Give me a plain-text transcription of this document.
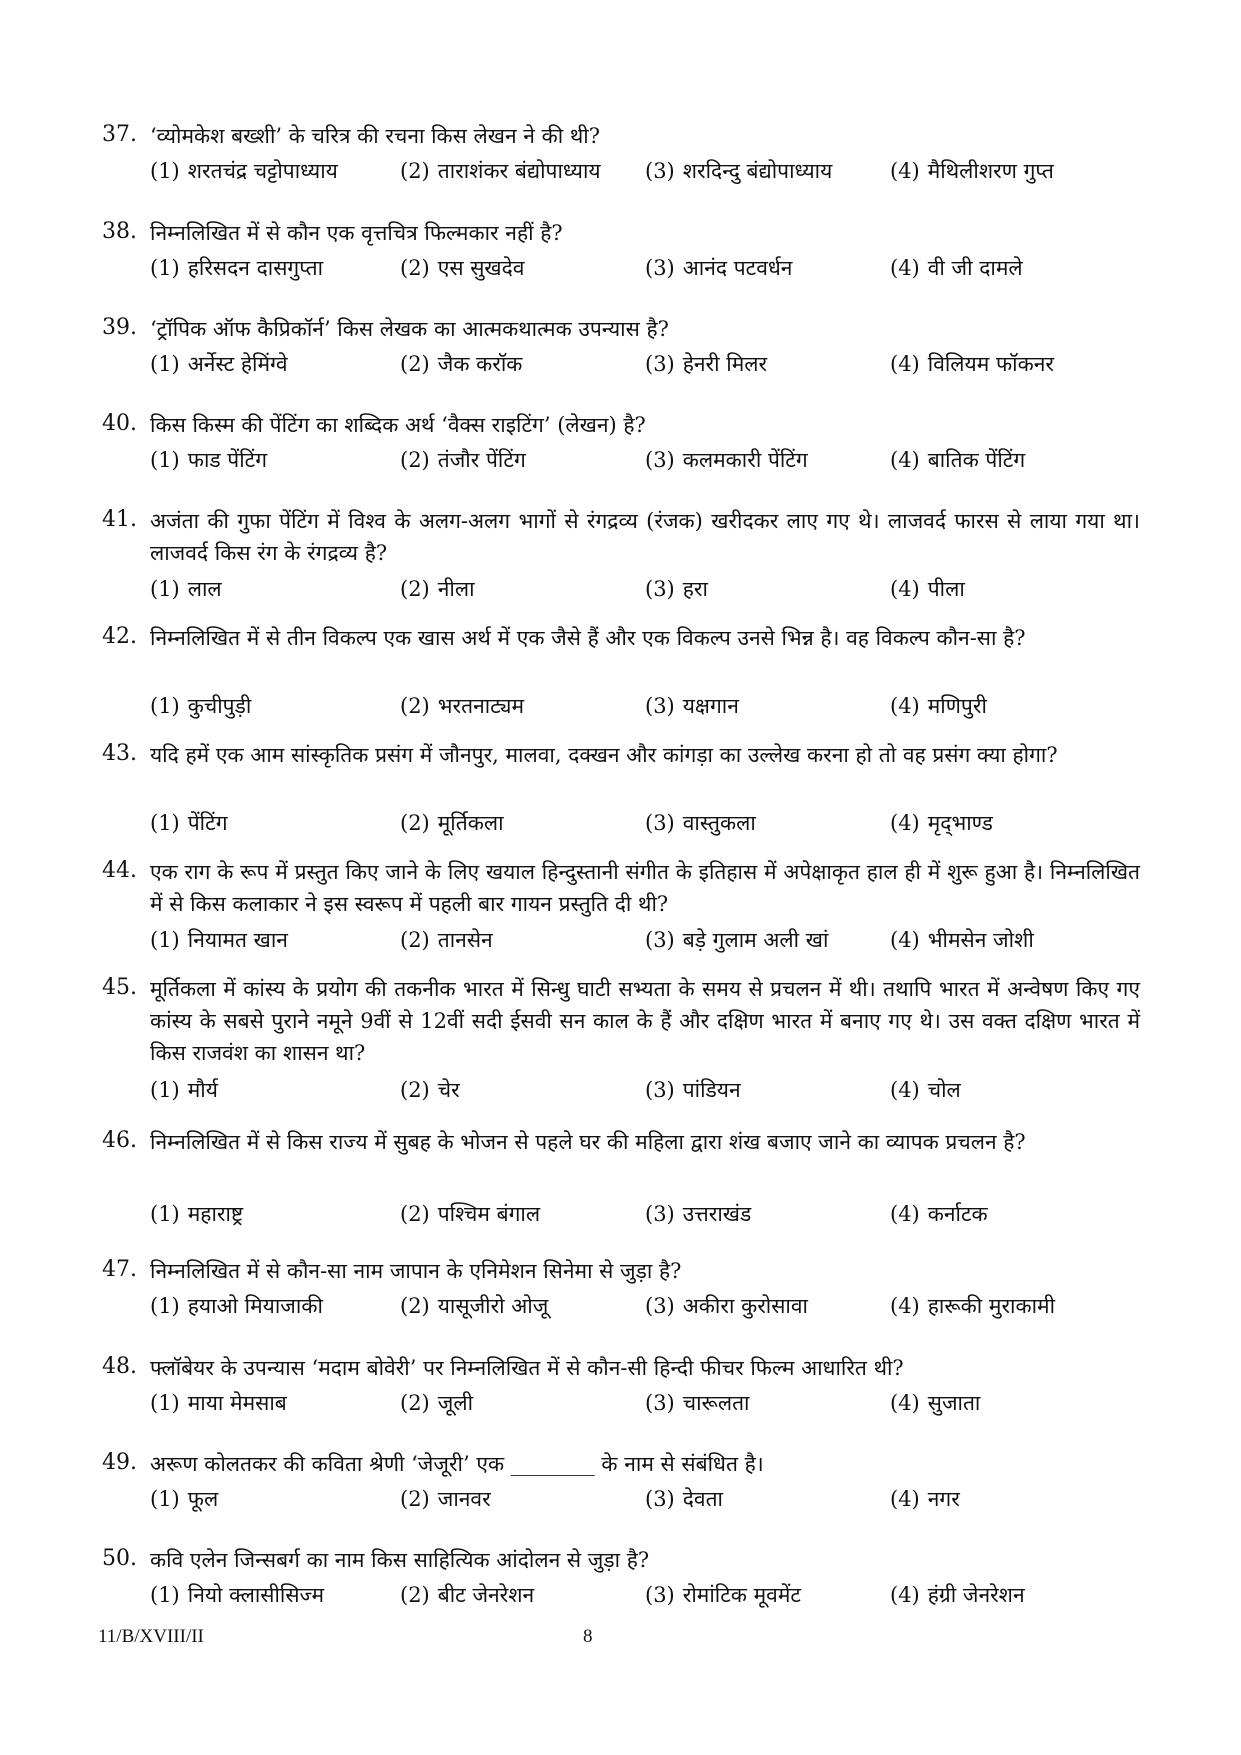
37. ‘व्योमकेश बख्शी’ के चरित्र की रचना किस लेखन ने की थी?
(1) शरतचंद्र चट्टोपाध्याय	(2) ताराशंकर बंद्योपाध्याय (3) शरदिन्दु बंद्योपाध्याय	(4) मैथिलीशरण गुप्त
38. निम्नलिखित में से कौन एक वृत्तचित्र फिल्मकार नहीं है?
(1) हरिसदन दासगुप्ता	(2) एस सुखदेव	(3) आनंद पटवर्धन	(4) वी जी दामले
39. ‘ट्रॉपिक ऑफ कैप्रिकॉर्न’ किस लेखक का आत्मकथात्मक उपन्यास है?
(1) अर्नेस्ट हेमिंग्वे	(2) जैक करॉक	(3) हेनरी मिलर	(4) विलियम फॉकनर
40. किस किस्म की पेंटिंग का शब्दिक अर्थ ‘वैक्स राइटिंग’ (लेखन) है?
(1) फाड पेंटिंग	(2) तंजौर पेंटिंग	(3) कलमकारी पेंटिंग	(4) बातिक पेंटिंग
41. अजंता की गुफा पेंटिंग में विश्व के अलग-अलग भागों से रंगद्रव्य (रंजक) खरीदकर लाए गए थे। लाजवर्द फारस से लाया गया था। लाजवर्द किस रंग के रंगद्रव्य है?
(1) लाल	(2) नीला	(3) हरा	(4) पीला
42. निम्नलिखित में से तीन विकल्प एक खास अर्थ में एक जैसे हैं और एक विकल्प उनसे भिन्न है। वह विकल्प कौन-सा है?
(1) कुचीपुड़ी	(2) भरतनाट्यम	(3) यक्षगान	(4) मणिपुरी
43. यदि हमें एक आम सांस्कृतिक प्रसंग में जौनपुर, मालवा, दक्खन और कांगड़ा का उल्लेख करना हो तो वह प्रसंग क्या होगा?
(1) पेंटिंग	(2) मूर्तिकला	(3) वास्तुकला	(4) मृद्‌भाण्ड
44. एक राग के रूप में प्रस्तुत किए जाने के लिए खयाल हिन्दुस्तानी संगीत के इतिहास में अपेक्षाकृत हाल ही में शुरू हुआ है। निम्नलिखित में से किस कलाकार ने इस स्वरूप में पहली बार गायन प्रस्तुति दी थी?
(1) नियामत खान	(2) तानसेन	(3) बड़े गुलाम अली खां	(4) भीमसेन जोशी
45. मूर्तिकला में कांस्य के प्रयोग की तकनीक भारत में सिन्धु घाटी सभ्यता के समय से प्रचलन में थी। तथापि भारत में अन्वेषण किए गए कांस्य के सबसे पुराने नमूने 9वीं से 12वीं सदी ईसवी सन काल के हैं और दक्षिण भारत में बनाए गए थे। उस वक्त दक्षिण भारत में किस राजवंश का शासन था?
(1) मौर्य	(2) चेर	(3) पांडियन	(4) चोल
46. निम्नलिखित में से किस राज्य में सुबह के भोजन से पहले घर की महिला द्वारा शंख बजाए जाने का व्यापक प्रचलन है?
(1) महाराष्ट्र	(2) पश्चिम बंगाल	(3) उत्तराखंड	(4) कर्नाटक
47. निम्नलिखित में से कौन-सा नाम जापान के एनिमेशन सिनेमा से जुड़ा है?
(1) हयाओ मियाजाकी	(2) यासूजीरो ओजू	(3) अकीरा कुरोसावा	(4) हारूकी मुराकामी
48. फ्लॉबेयर के उपन्यास ‘मदाम बोवेरी’ पर निम्नलिखित में से कौन-सी हिन्दी फीचर फिल्म आधारित थी?
(1) माया मेमसाब	(2) जूली	(3) चारूलता	(4) सुजाता
49. अरूण कोलतकर की कविता श्रेणी ‘जेजूरी’ एक ________ के नाम से संबंधित है।
(1) फूल	(2) जानवर	(3) देवता	(4) नगर
50. कवि एलेन जिन्सबर्ग का नाम किस साहित्यिक आंदोलन से जुड़ा है?
(1) नियो क्लासीसिज्म	(2) बीट जेनरेशन	(3) रोमांटिक मूवमेंट	(4) हंग्री जेनरेशन
11/B/XVIII/II	8
